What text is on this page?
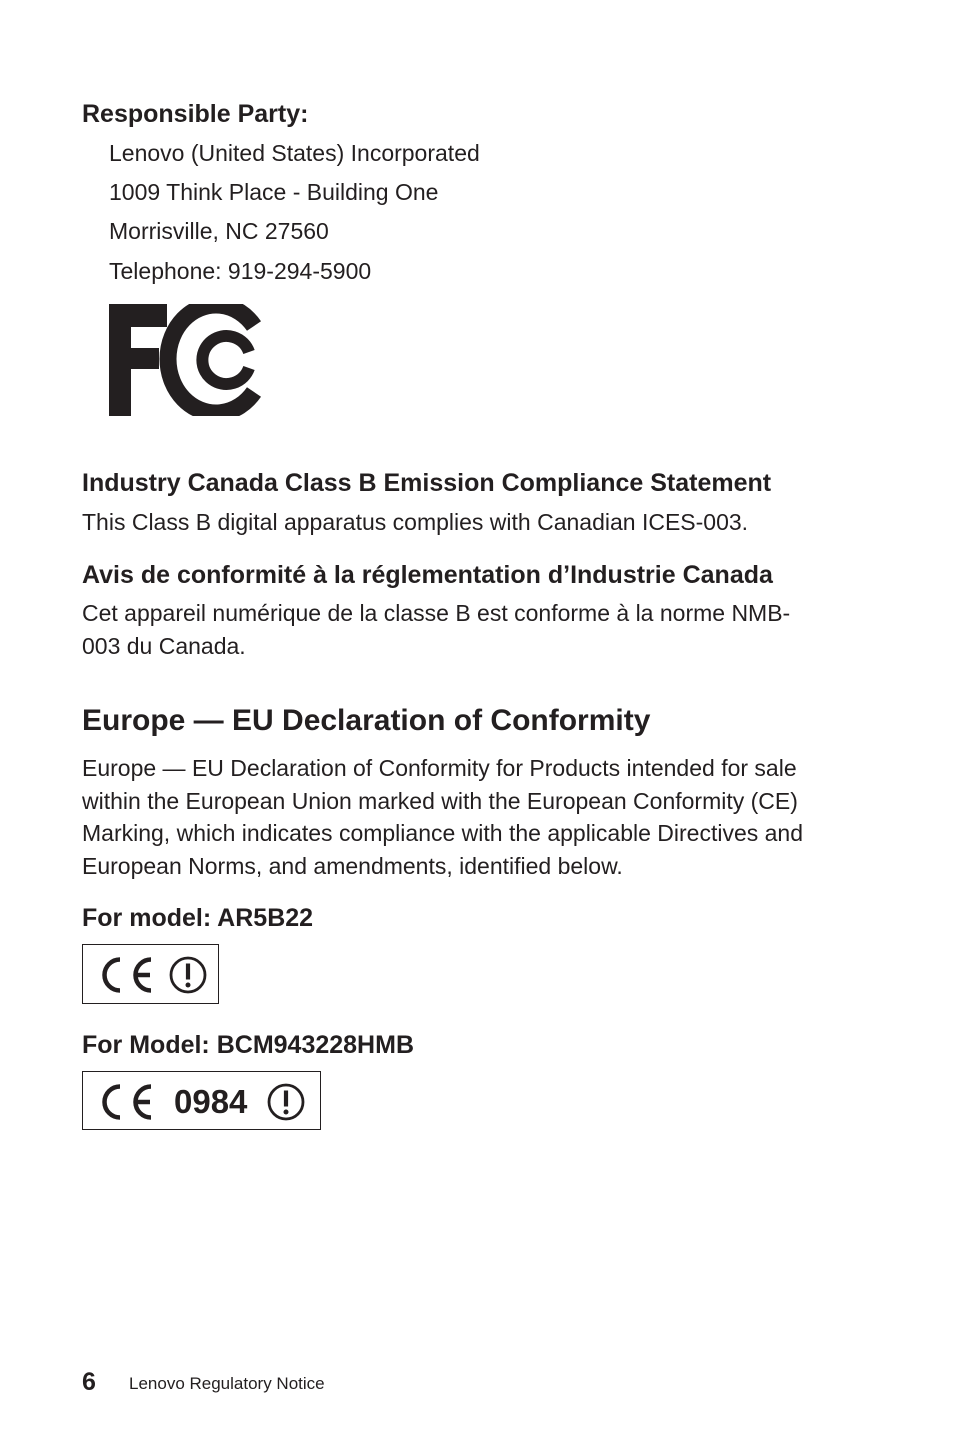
Responsible Party:
Lenovo (United States) Incorporated
1009 Think Place - Building One
Morrisville, NC 27560
Telephone: 919-294-5900
Industry Canada Class B Emission Compliance Statement
This Class B digital apparatus complies with Canadian ICES-003.
Avis de conformité à la réglementation d’Industrie Canada
Cet appareil numérique de la classe B est conforme à la norme NMB-
003 du Canada.
Europe — EU Declaration of Conformity
Europe — EU Declaration of Conformity for Products intended for sale
within the European Union marked with the European Conformity (CE)
Marking, which indicates compliance with the applicable Directives and
European Norms, and amendments, identified below.
For model: AR5B22
For Model: BCM943228HMB
0984
6 Lenovo Regulatory Notice
